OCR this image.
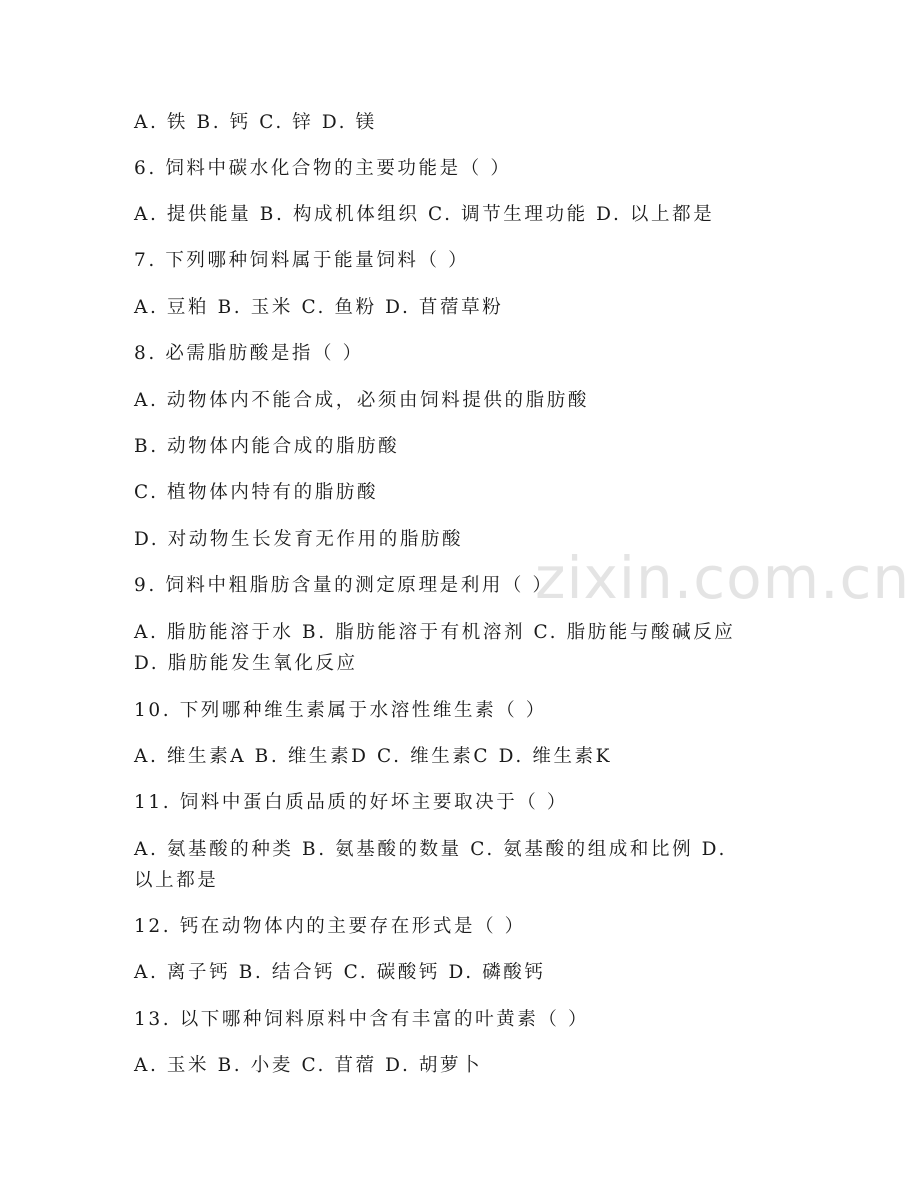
zixin.com.cn
A. 铁 B. 钙 C. 锌 D. 镁
6. 饲料中碳水化合物的主要功能是（ ）
A. 提供能量 B. 构成机体组织 C. 调节生理功能 D. 以上都是
7. 下列哪种饲料属于能量饲料（ ）
A. 豆粕 B. 玉米 C. 鱼粉 D. 苜蓿草粉
8. 必需脂肪酸是指（ ）
A. 动物体内不能合成，必须由饲料提供的脂肪酸
B. 动物体内能合成的脂肪酸
C. 植物体内特有的脂肪酸
D. 对动物生长发育无作用的脂肪酸
9. 饲料中粗脂肪含量的测定原理是利用（ ）
A. 脂肪能溶于水 B. 脂肪能溶于有机溶剂 C. 脂肪能与酸碱反应
D. 脂肪能发生氧化反应
10. 下列哪种维生素属于水溶性维生素（ ）
A. 维生素A B. 维生素D C. 维生素C D. 维生素K
11. 饲料中蛋白质品质的好坏主要取决于（ ）
A. 氨基酸的种类 B. 氨基酸的数量 C. 氨基酸的组成和比例 D.
以上都是
12. 钙在动物体内的主要存在形式是（ ）
A. 离子钙 B. 结合钙 C. 碳酸钙 D. 磷酸钙
13. 以下哪种饲料原料中含有丰富的叶黄素（ ）
A. 玉米 B. 小麦 C. 苜蓿 D. 胡萝卜
